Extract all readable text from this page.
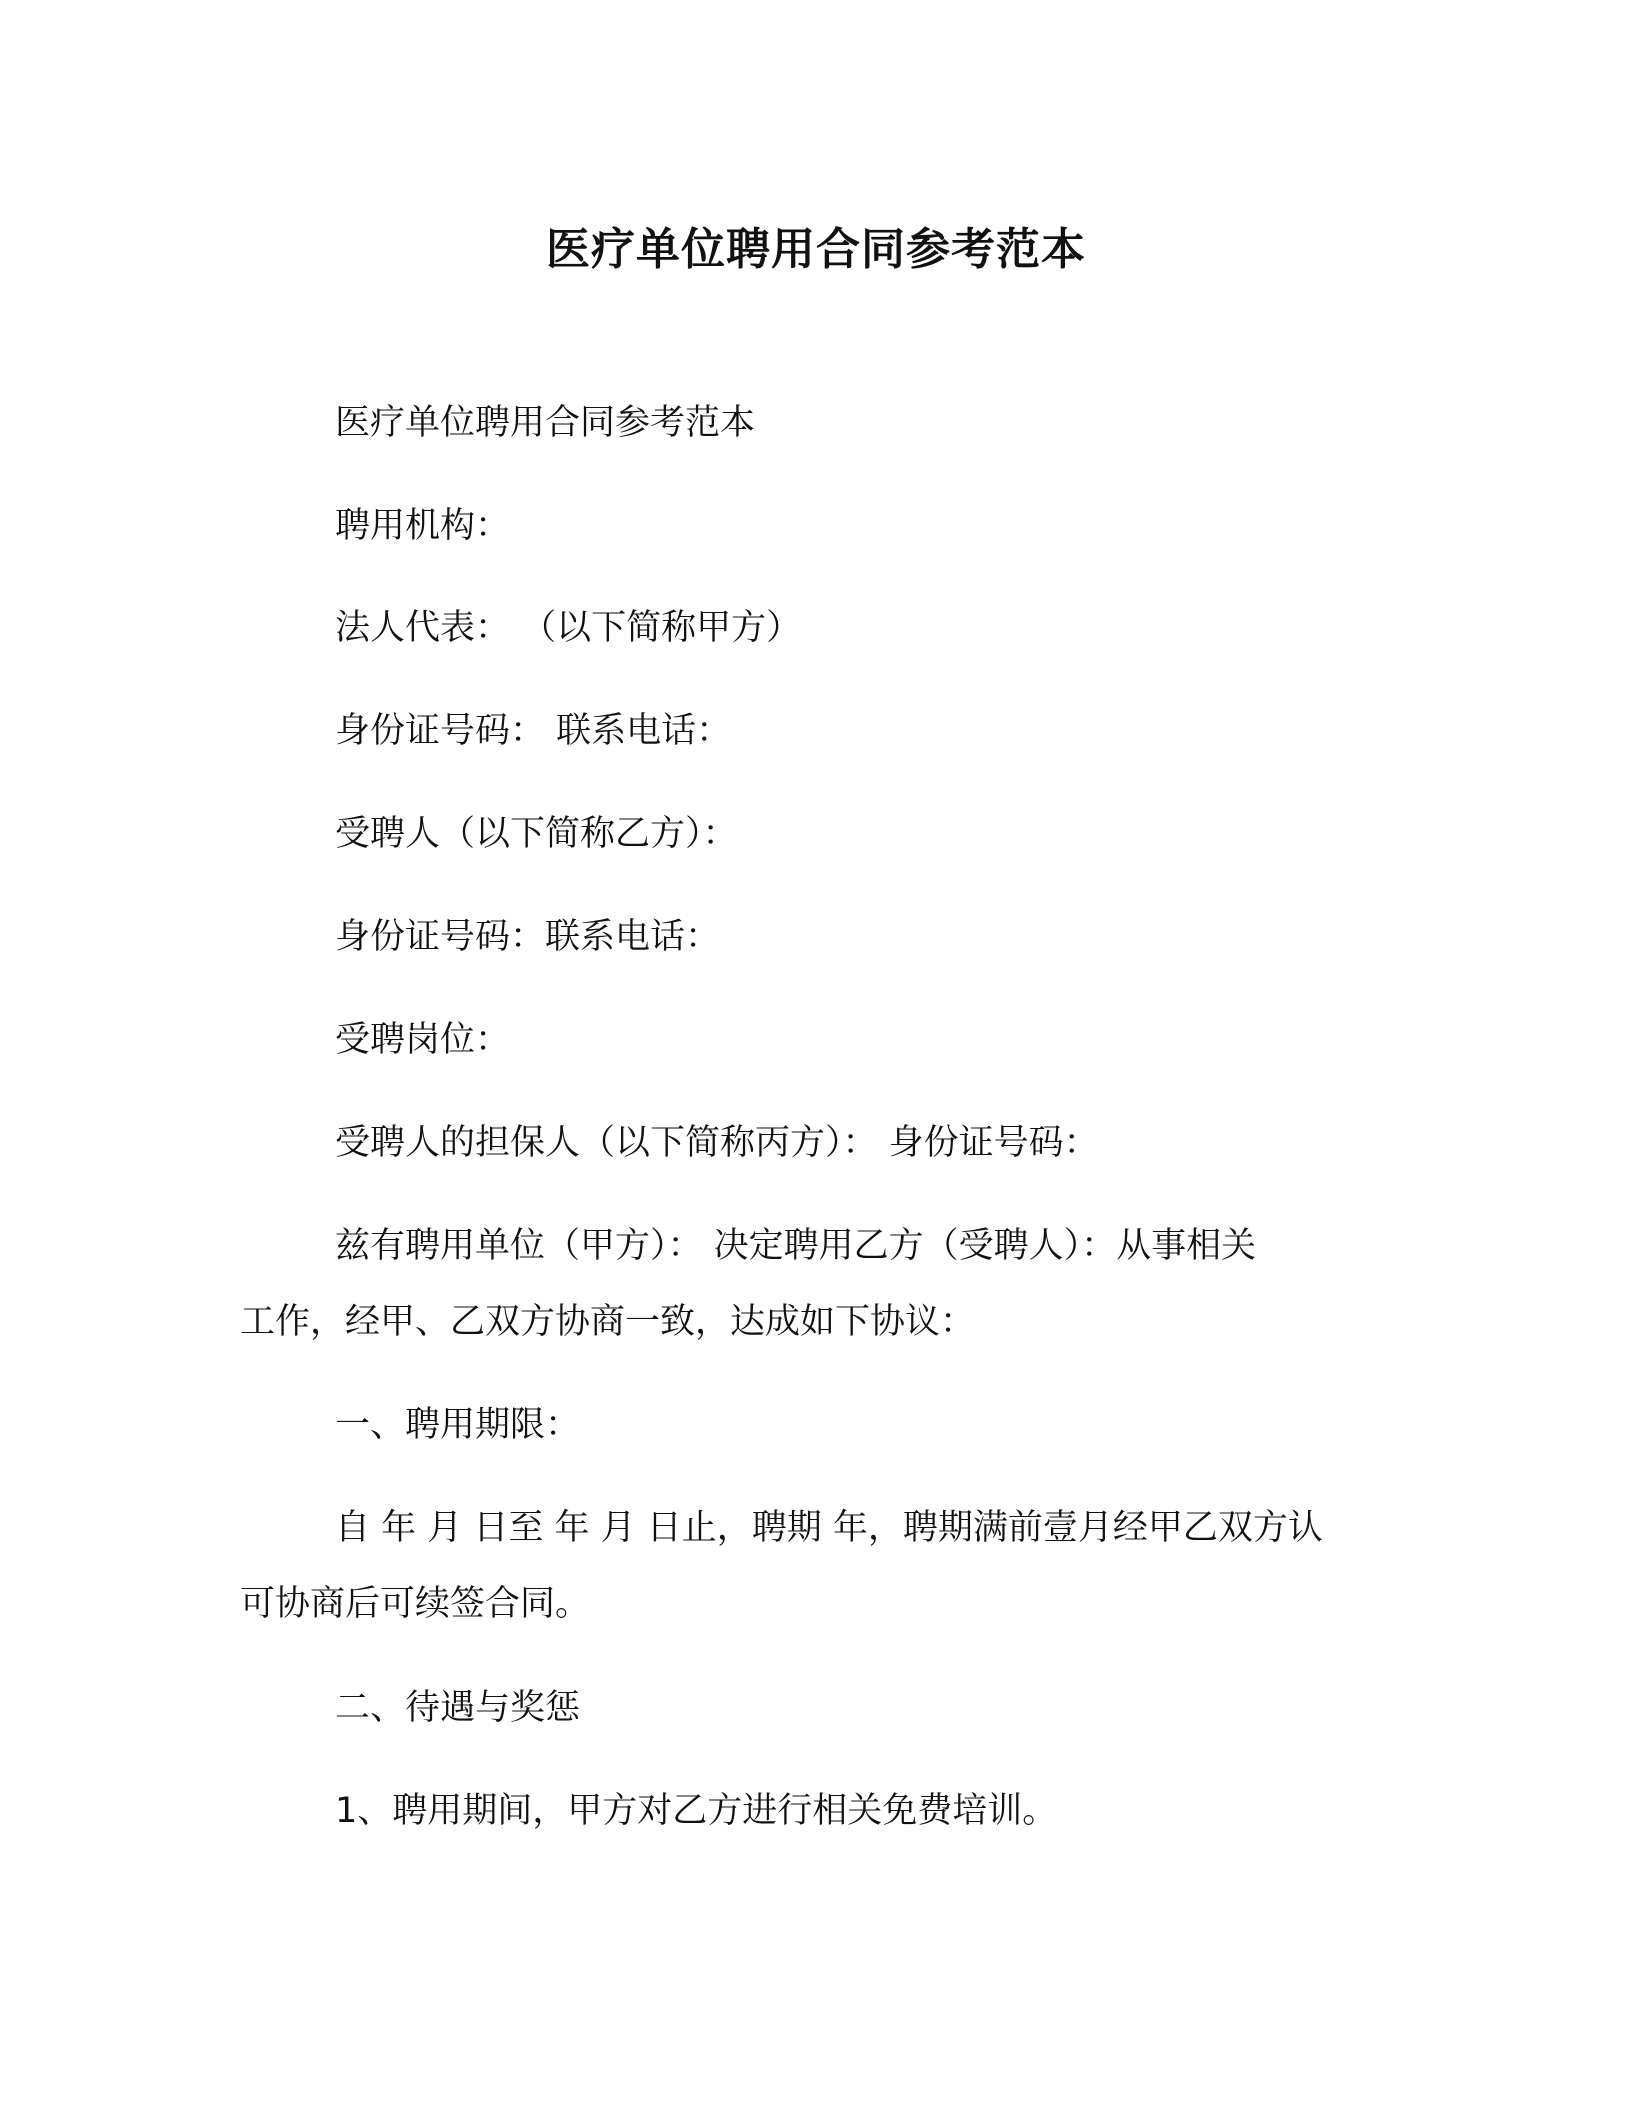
医疗单位聘用合同参考范本
医疗单位聘用合同参考范本
聘用机构：
法人代表： （以下简称甲方）
身份证号码： 联系电话：
受聘人（以下简称乙方）：
身份证号码：联系电话：
受聘岗位：
受聘人的担保人（以下简称丙方）： 身份证号码：
兹有聘用单位（甲方）： 决定聘用乙方（受聘人）：从事相关
工作，经甲、乙双方协商一致，达成如下协议：
一、聘用期限：
自 年 月 日至 年 月 日止，聘期 年，聘期满前壹月经甲乙双方认
可协商后可续签合同。
二、待遇与奖惩
1、聘用期间，甲方对乙方进行相关免费培训。
